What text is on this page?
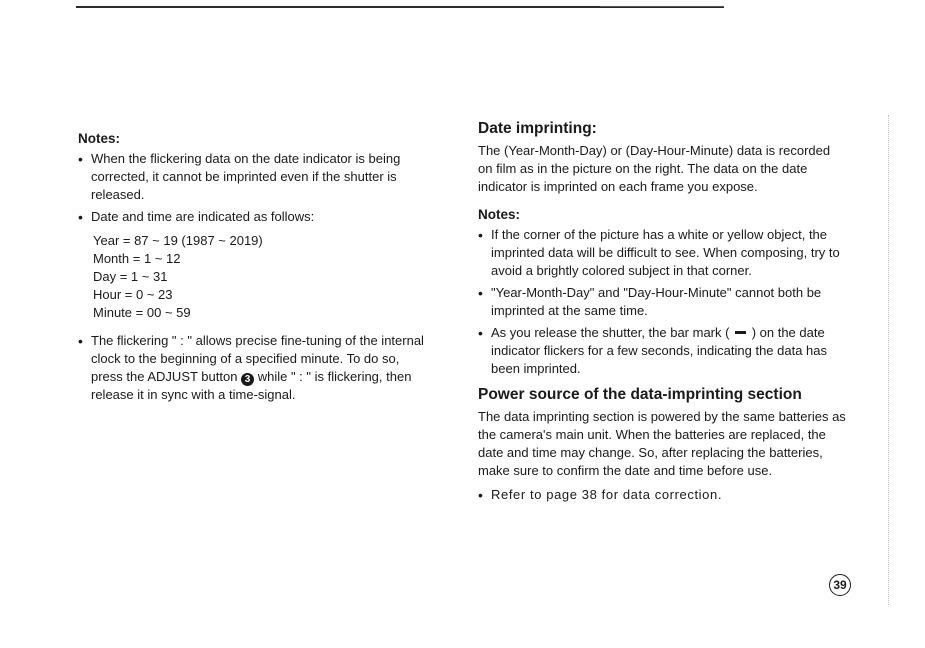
Notes:
• When the flickering data on the date indicator is being corrected, it cannot be imprinted even if the shutter is released.
• Date and time are indicated as follows:
Year = 87 ~ 19 (1987 ~ 2019)
Month = 1 ~ 12
Day = 1 ~ 31
Hour = 0 ~ 23
Minute = 00 ~ 59
• The flickering " : " allows precise fine-tuning of the internal clock to the beginning of a specified minute. To do so, press the ADJUST button 3 while " : " is flickering, then release it in sync with a time-signal.
Date imprinting:

The (Year-Month-Day) or (Day-Hour-Minute) data is recorded on film as in the picture on the right. The data on the date indicator is imprinted on each frame you expose.

Notes:
• If the corner of the picture has a white or yellow object, the imprinted data will be difficult to see. When composing, try to avoid a brightly colored subject in that corner.
• "Year-Month-Day" and "Day-Hour-Minute" cannot both be imprinted at the same time.
• As you release the shutter, the bar mark ( ) on the date indicator flickers for a few seconds, indicating the data has been imprinted.
Power source of the data-imprinting section

The data imprinting section is powered by the same batteries as the camera's main unit. When the batteries are replaced, the date and time may change. So, after replacing the batteries, make sure to confirm the date and time before use.

• Refer to page 38 for data correction.
39
